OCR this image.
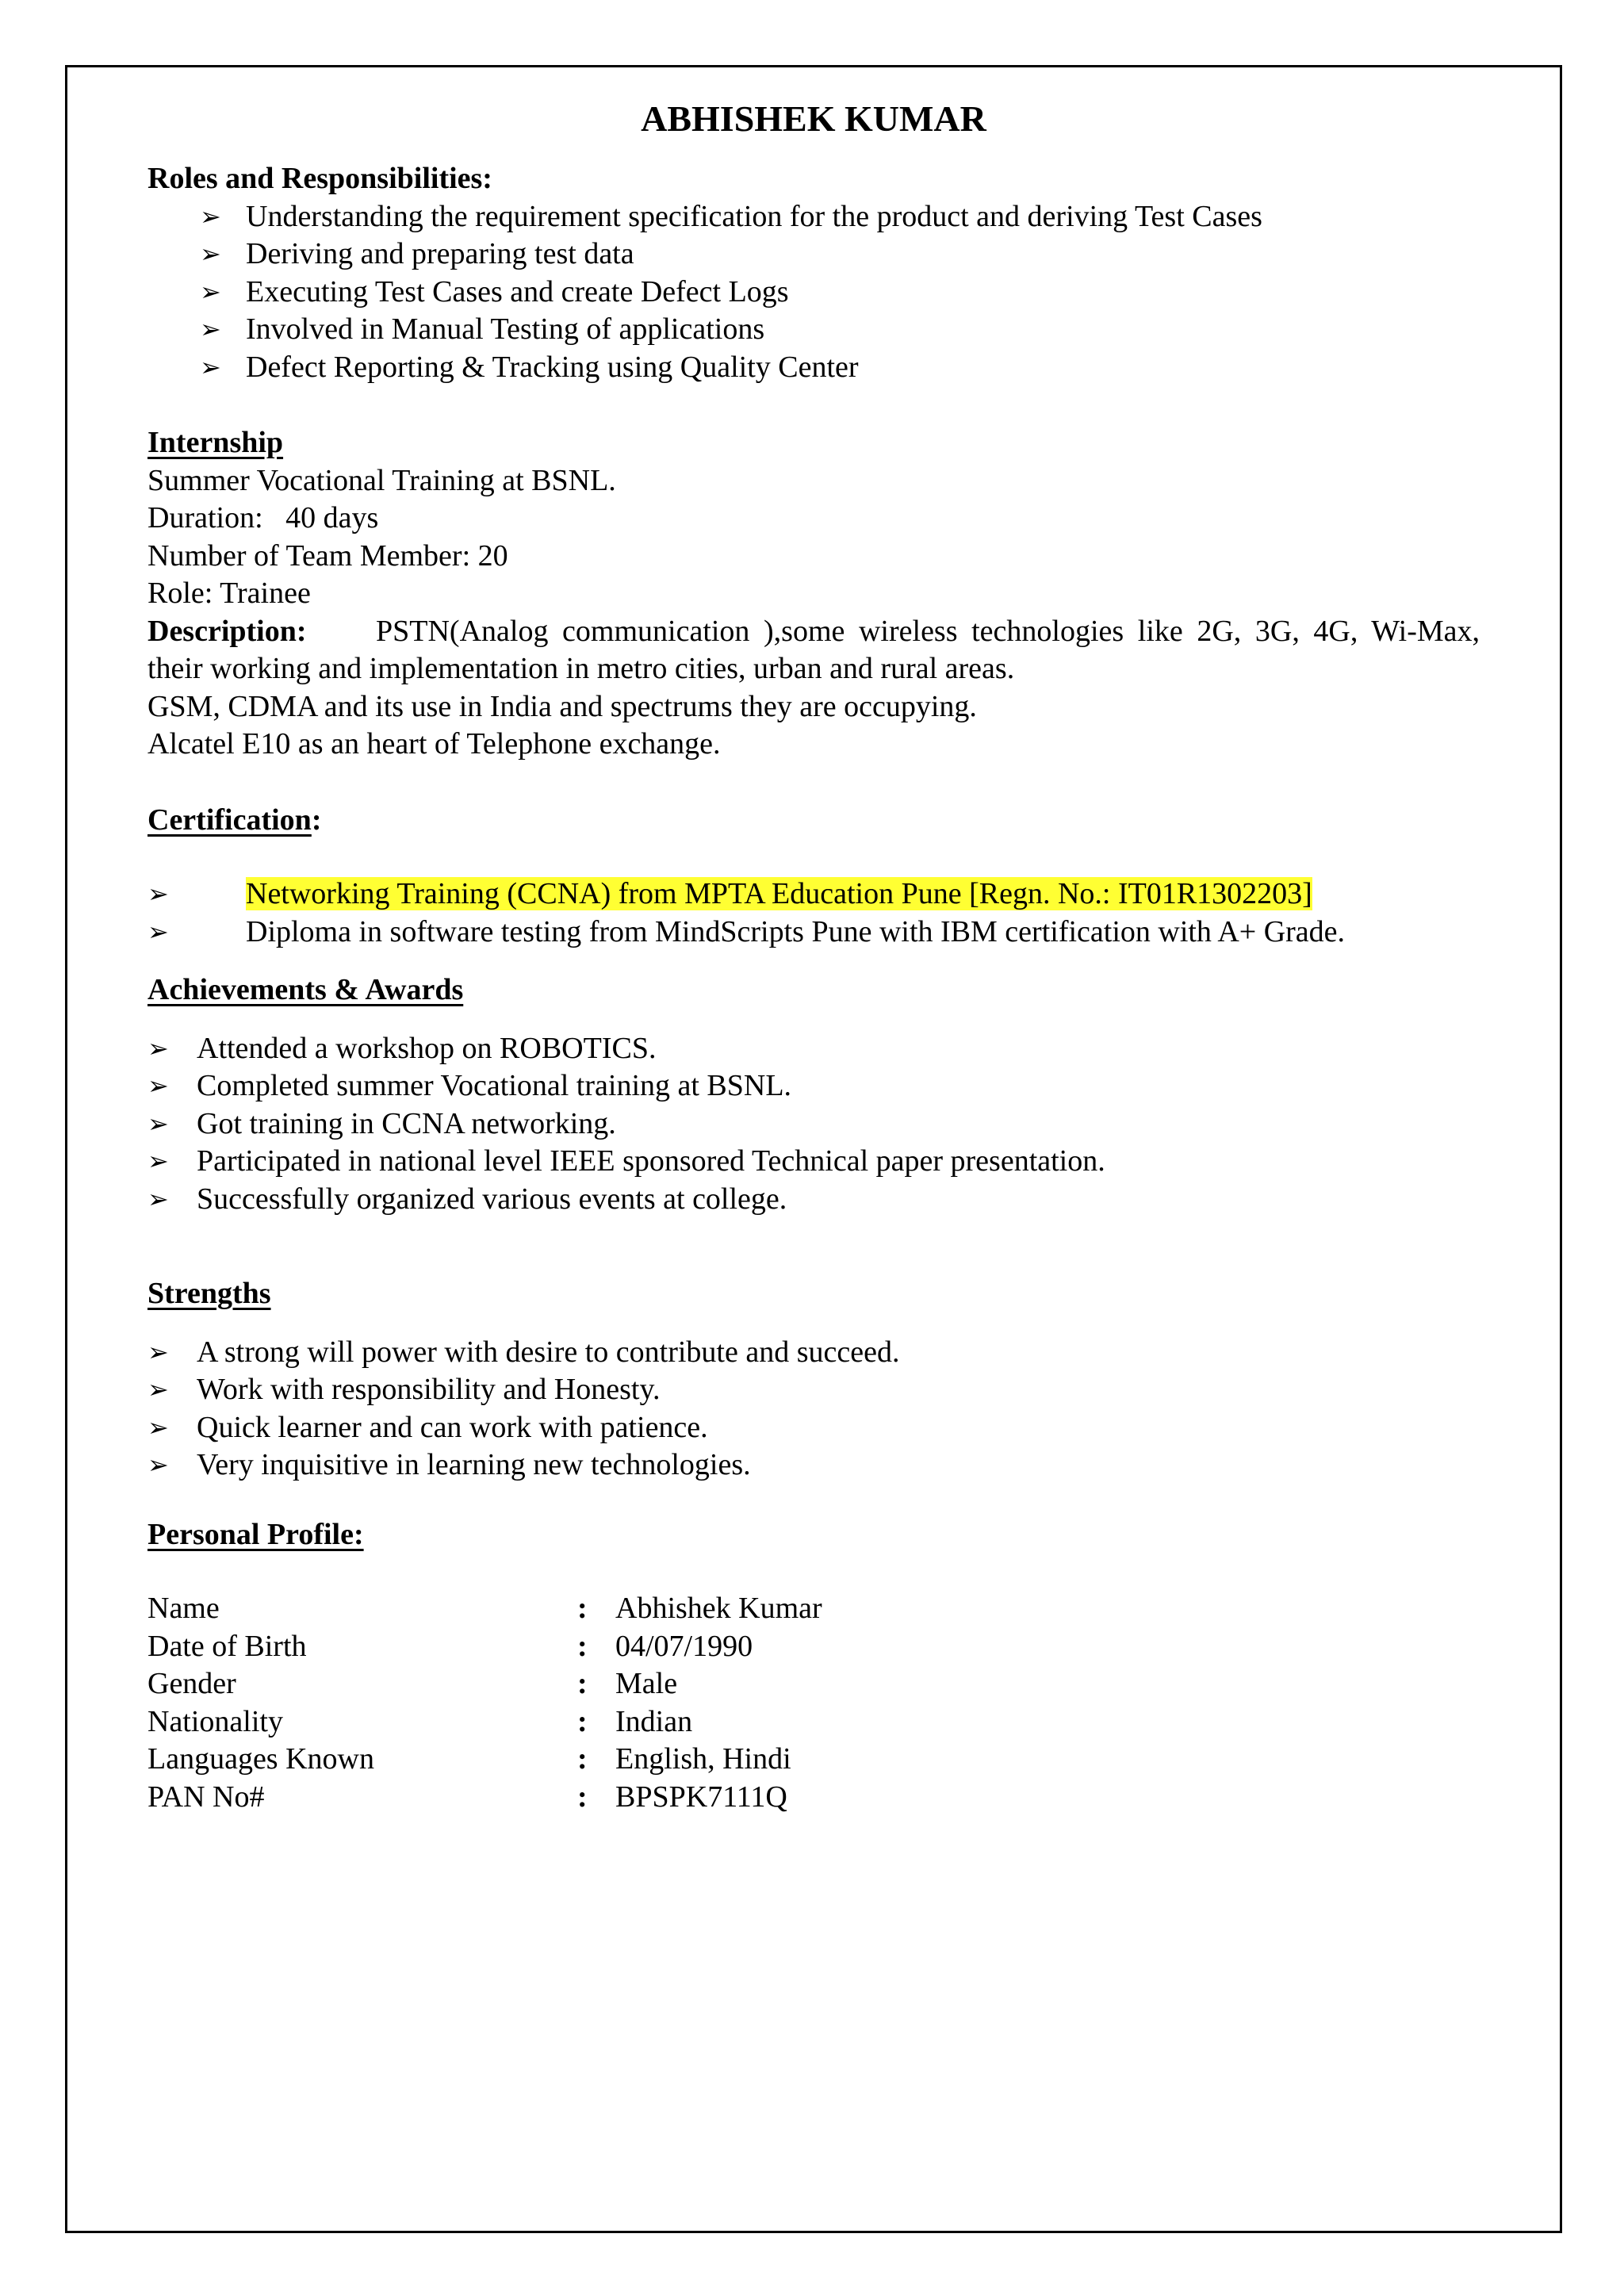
ABHISHEK KUMAR

Roles and Responsibilities:

➢ Understanding the requirement specification for the product and deriving Test Cases
➢ Deriving and preparing test data
➢ Executing Test Cases and create Defect Logs
➢ Involved in Manual Testing of applications
➢ Defect Reporting & Tracking using Quality Center

Internship

Summer Vocational Training at BSNL.

Duration:   40 days

Number of Team Member: 20

Role: Trainee

Description: PSTN(Analog communication ),some wireless technologies like 2G, 3G, 4G, Wi-Max, their working and implementation in metro cities, urban and rural areas.

GSM, CDMA and its use in India and spectrums they are occupying.

Alcatel E10 as an heart of Telephone exchange.

Certification:

➢	Networking Training (CCNA) from MPTA Education Pune [Regn. No.: IT01R1302203]
➢	Diploma in software testing from MindScripts Pune with IBM certification with A+ Grade.

Achievements & Awards

➢ Attended a workshop on ROBOTICS.
➢ Completed summer Vocational training at BSNL.
➢ Got training in CCNA networking.
➢ Participated in national level IEEE sponsored Technical paper presentation.
➢ Successfully organized various events at college.

Strengths

➢ A strong will power with desire to contribute and succeed.
➢ Work with responsibility and Honesty.
➢ Quick learner and can work with patience.
➢ Very inquisitive in learning new technologies.

Personal Profile:

Name	: Abhishek Kumar
Date of Birth	: 04/07/1990
Gender	: Male
Nationality	: Indian
Languages Known	: English, Hindi
PAN No#	: BPSPK7111Q
